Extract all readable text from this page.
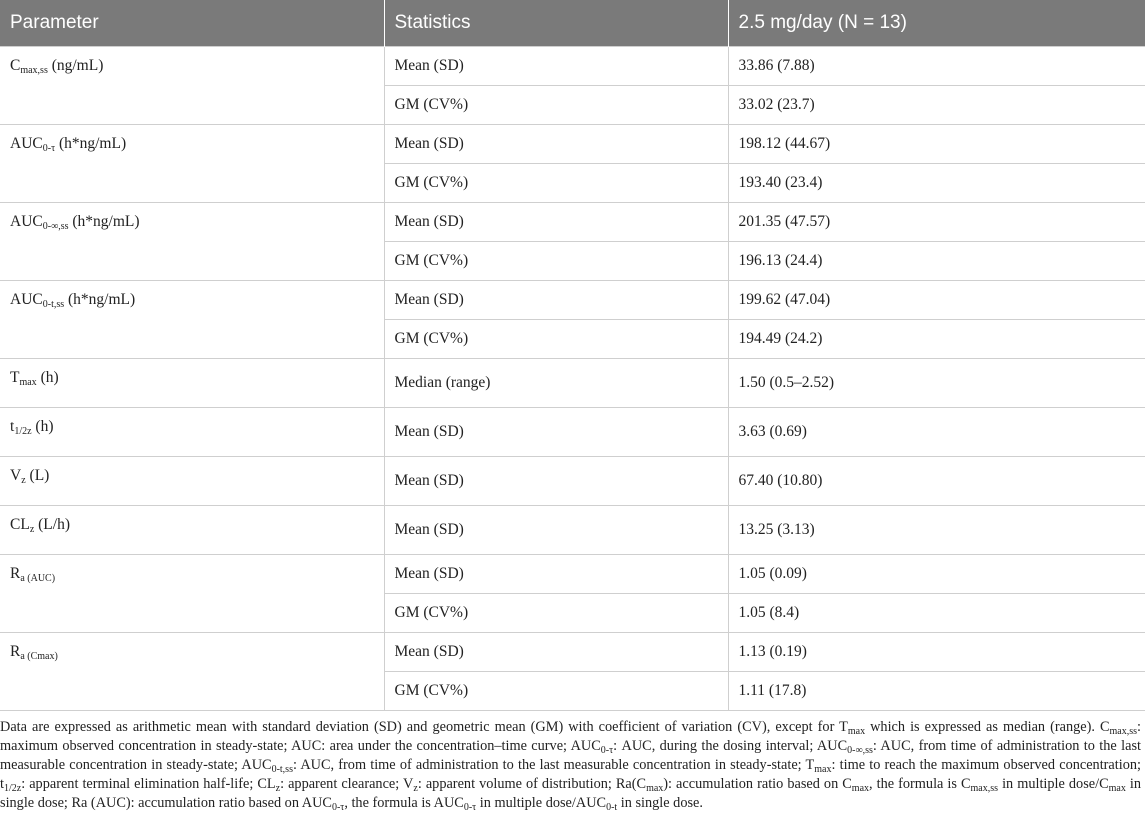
Parameter	Statistics	2.5 mg/day (N = 13)
$C_{max,ss}$ (ng/mL)	Mean (SD)	33.86 (7.88)
	GM (CV%)	33.02 (23.7)
$AUC_{0-\tau}$ (h*ng/mL)	Mean (SD)	198.12 (44.67)
	GM (CV%)	193.40 (23.4)
$AUC_{0-\infty,ss}$ (h*ng/mL)	Mean (SD)	201.35 (47.57)
	GM (CV%)	196.13 (24.4)
$AUC_{0-t,ss}$ (h*ng/mL)	Mean (SD)	199.62 (47.04)
	GM (CV%)	194.49 (24.2)
$T_{max}$ (h)	Median (range)	1.50 (0.5–2.52)
$t_{1/2z}$ (h)	Mean (SD)	3.63 (0.69)
$V_z$ (L)	Mean (SD)	67.40 (10.80)
$CL_z$ (L/h)	Mean (SD)	13.25 (3.13)
$R_{a (AUC)}$	Mean (SD)	1.05 (0.09)
	GM (CV%)	1.05 (8.4)
$R_{a (Cmax)}$	Mean (SD)	1.13 (0.19)
	GM (CV%)	1.11 (17.8)
Data are expressed as arithmetic mean with standard deviation (SD) and geometric mean (GM) with coefficient of variation (CV), except for $T_{max}$ which is expressed as median (range). $C_{max,ss}$: maximum observed concentration in steady-state; AUC: area under the concentration–time curve; $AUC_{0-\tau}$: AUC, during the dosing interval; $AUC_{0-\infty,ss}$: AUC, from time of administration to the last measurable concentration in steady-state; $AUC_{0-t,ss}$: AUC, from time of administration to the last measurable concentration in steady-state; $T_{max}$: time to reach the maximum observed concentration; $t_{1/2z}$: apparent terminal elimination half-life; $CL_z$: apparent clearance; $V_z$: apparent volume of distribution; $Ra(C_{max})$: accumulation ratio based on $C_{max}$, the formula is $C_{max,ss}$ in multiple dose/$C_{max}$ in single dose; Ra (AUC): accumulation ratio based on $AUC_{0-\tau}$, the formula is $AUC_{0-\tau}$ in multiple dose/$AUC_{0-t}$ in single dose.
